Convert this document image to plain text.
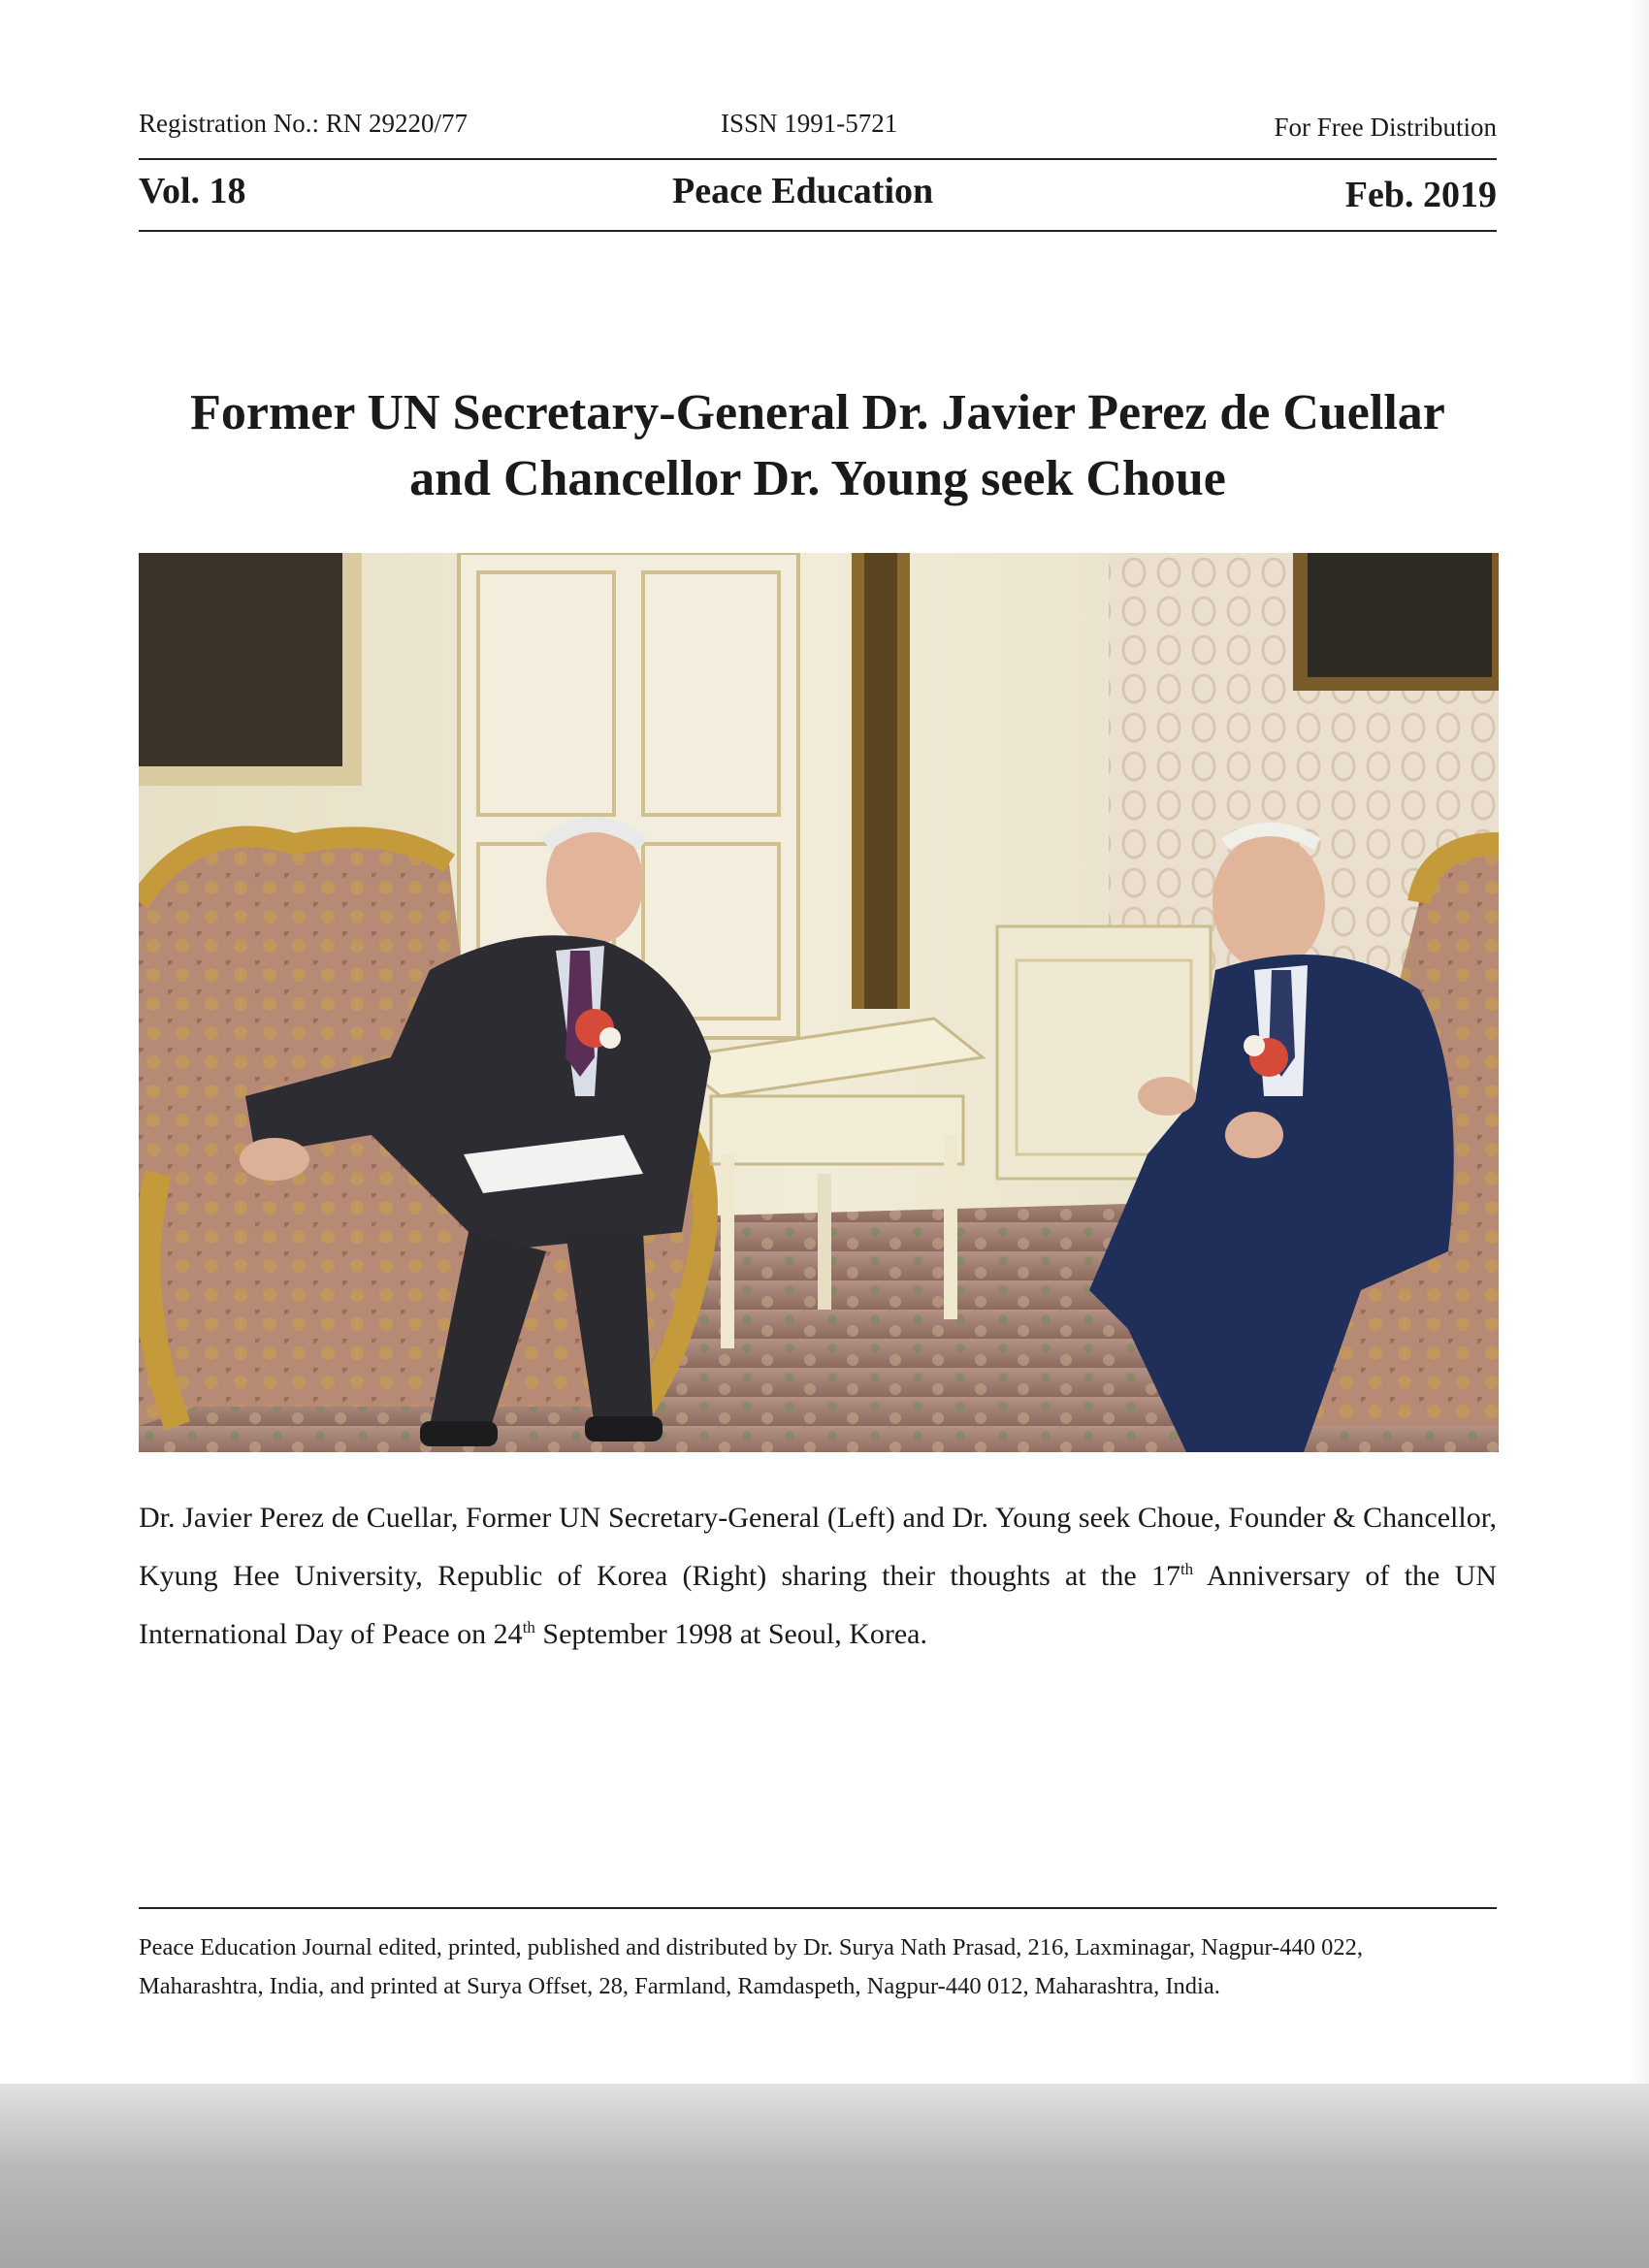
Registration No.: RN 29220/77	ISSN 1991-5721	For Free Distribution
Vol. 18	Peace Education	Feb. 2019
Former UN Secretary-General Dr. Javier Perez de Cuellar
and Chancellor Dr. Young seek Choue

Dr. Javier Perez de Cuellar, Former UN Secretary-General (Left) and Dr. Young seek Choue, Founder & Chancellor, Kyung Hee University, Republic of Korea (Right) sharing their thoughts at the 17th Anniversary of the UN International Day of Peace on 24th September 1998 at Seoul, Korea.

Peace Education Journal edited, printed, published and distributed by Dr. Surya Nath Prasad, 216, Laxminagar, Nagpur-440 022,
Maharashtra, India, and printed at Surya Offset, 28, Farmland, Ramdaspeth, Nagpur-440 012, Maharashtra, India.
